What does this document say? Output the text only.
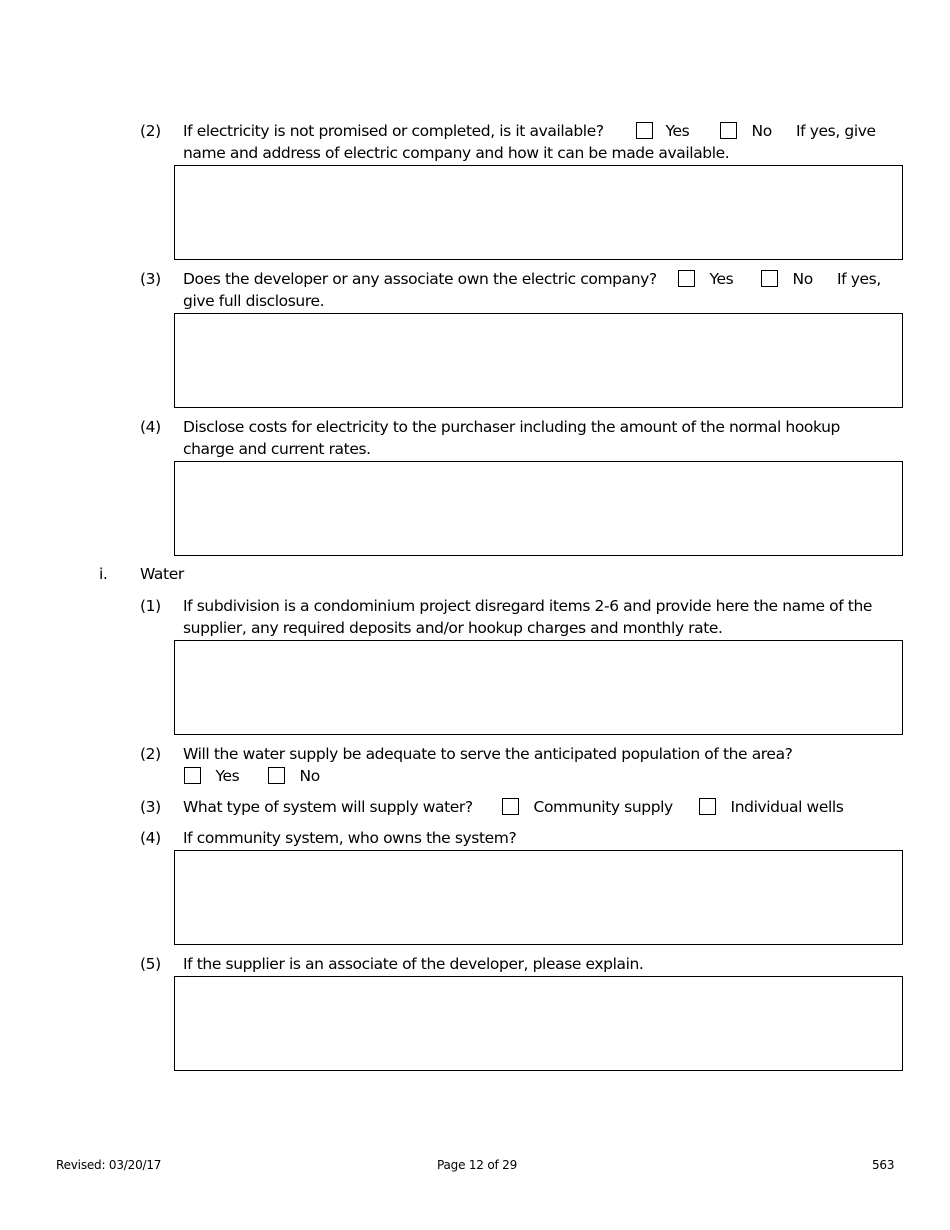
(2) If electricity is not promised or completed, is it available?	Yes	No If yes, give
name and address of electric company and how it can be made available.
(3) Does the developer or any associate own the electric company?	Yes	No If yes,
give full disclosure.
(4) Disclose costs for electricity to the purchaser including the amount of the normal hookup
charge and current rates.
i. Water
(1) If subdivision is a condominium project disregard items 2-6 and provide here the name of the
supplier, any required deposits and/or hookup charges and monthly rate.
(2) Will the water supply be adequate to serve the anticipated population of the area?
Yes	No
(3) What type of system will supply water?	Community supply	Individual wells
(4) If community system, who owns the system?
(5) If the supplier is an associate of the developer, please explain.
Revised: 03/20/17	Page 12 of 29	563
